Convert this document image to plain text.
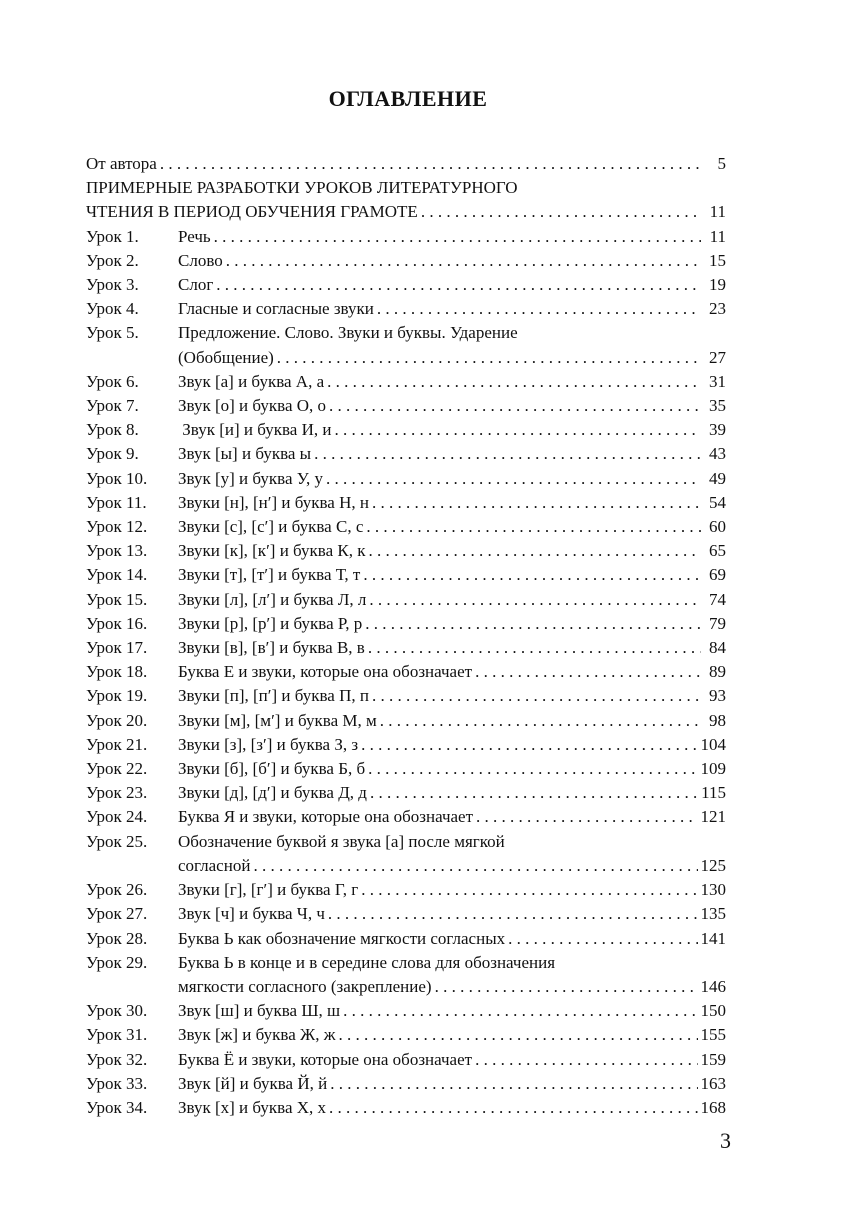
ОГЛАВЛЕНИЕ
От автора . . .	5
ПРИМЕРНЫЕ РАЗРАБОТКИ УРОКОВ ЛИТЕРАТУРНОГО
ЧТЕНИЯ В ПЕРИОД ОБУЧЕНИЯ ГРАМОТЕ . . .	11
Урок 1.	Речь . . .	11
Урок 2.	Слово . . .	15
Урок 3.	Слог . . .	19
Урок 4.	Гласные и согласные звуки . . .	23
Урок 5.	Предложение. Слово. Звуки и буквы. Ударение
(Обобщение) . . .	27
Урок 6.	Звук [а] и буква А, а . . .	31
Урок 7.	Звук [о] и буква О, о . . .	35
Урок 8.	Звук [и] и буква И, и . . .	39
Урок 9.	Звук [ы] и буква ы . . .	43
Урок 10.	Звук [у] и буква У, у . . .	49
Урок 11.	Звуки [н], [н′] и буква Н, н . . .	54
Урок 12.	Звуки [с], [с′] и буква С, с . . .	60
Урок 13.	Звуки [к], [к′] и буква К, к . . .	65
Урок 14.	Звуки [т], [т′] и буква Т, т . . .	69
Урок 15.	Звуки [л], [л′] и буква Л, л . . .	74
Урок 16.	Звуки [р], [р′] и буква Р, р . . .	79
Урок 17.	Звуки [в], [в′] и буква В, в . . .	84
Урок 18.	Буква Е и звуки, которые она обозначает . . .	89
Урок 19.	Звуки [п], [п′] и буква П, п . . .	93
Урок 20.	Звуки [м], [м′] и буква М, м . . .	98
Урок 21.	Звуки [з], [з′] и буква З, з . . .	104
Урок 22.	Звуки [б], [б′] и буква Б, б . . .	109
Урок 23.	Звуки [д], [д′] и буква Д, д . . .	115
Урок 24.	Буква Я и звуки, которые она обозначает . . .	121
Урок 25.	Обозначение буквой я звука [а] после мягкой
согласной . . .	125
Урок 26.	Звуки [г], [г′] и буква Г, г . . .	130
Урок 27.	Звук [ч] и буква Ч, ч . . .	135
Урок 28.	Буква Ь как обозначение мягкости согласных . . .	141
Урок 29.	Буква Ь в конце и в середине слова для обозначения
мягкости согласного (закрепление) . . .	146
Урок 30.	Звук [ш] и буква Ш, ш . . .	150
Урок 31.	Звук [ж] и буква Ж, ж . . .	155
Урок 32.	Буква Ё и звуки, которые она обозначает . . .	159
Урок 33.	Звук [й] и буква Й, й . . .	163
Урок 34.	Звук [х] и буква Х, х . . .	168
3
